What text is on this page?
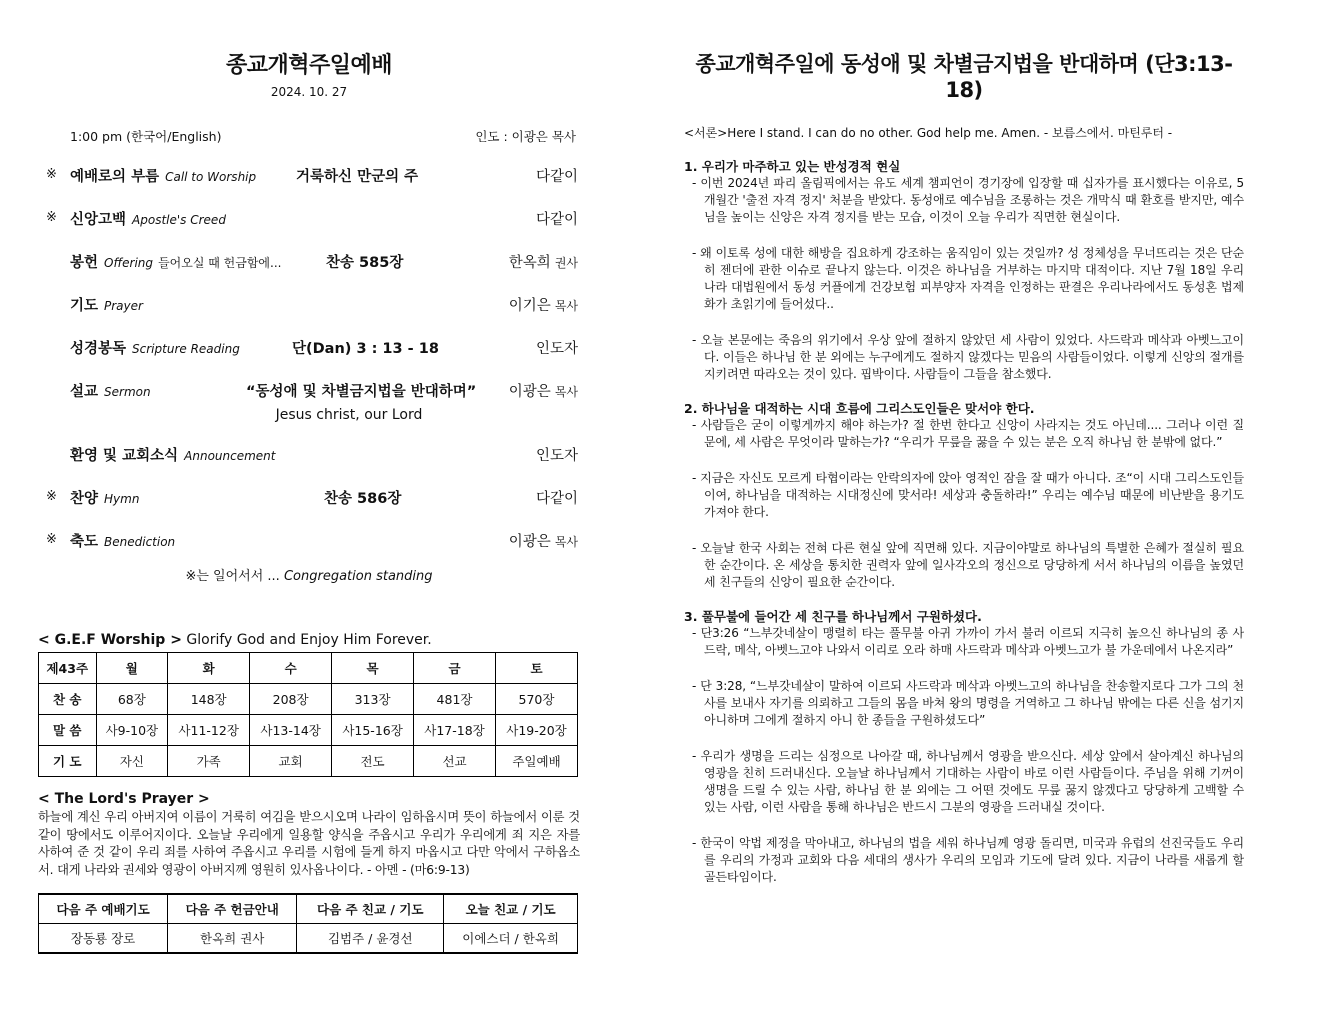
종교개혁주일예배
2024. 10. 27
1:00 pm (한국어/English)	인도 : 이광은 목사
※ 예배로의 부름 Call to Worship	거룩하신 만군의 주	다같이
※ 신앙고백 Apostle's Creed	다같이
봉헌 Offering 들어오실 때 헌금함에...	찬송 585장	한옥희 권사
기도 Prayer	이기은 목사
성경봉독 Scripture Reading	단(Dan) 3 : 13 - 18	인도자
설교 Sermon	“동성애 및 차별금지법을 반대하며” 이광은 목사
Jesus christ, our Lord
환영 및 교회소식 Announcement	인도자
※ 찬양 Hymn	찬송 586장	다같이
※ 축도 Benediction	이광은 목사
※는 일어서서 ... Congregation standing
< G.E.F Worship > Glorify God and Enjoy Him Forever.
제43주	월	화	수	목	금	토
찬 송	68장	148장	208장	313장	481장	570장
말 씀	사9-10장	사11-12장	사13-14장	사15-16장	사17-18장	사19-20장
기 도	자신	가족	교회	전도	선교	주일예배
< The Lord's Prayer >
하늘에 계신 우리 아버지여 이름이 거룩히 여김을 받으시오며 나라이 임하옵시며 뜻이 하늘에서 이룬 것 같이 땅에서도 이루어지이다. 오늘날 우리에게 일용할 양식을 주옵시고 우리가 우리에게 죄 지은 자를 사하여 준 것 같이 우리 죄를 사하여 주옵시고 우리를 시험에 들게 하지 마옵시고 다만 악에서 구하옵소서. 대게 나라와 권세와 영광이 아버지께 영원히 있사옵나이다. - 아멘 - (마6:9-13)
다음 주 예배기도	다음 주 헌금안내	다음 주 친교 / 기도	오늘 친교 / 기도
장동룡 장로	한옥희 권사	김범주 / 윤경선	이에스더 / 한옥희
종교개혁주일에 동성애 및 차별금지법을 반대하며 (단3:13-18)
<서론>Here I stand. I can do no other. God help me. Amen. - 보름스에서. 마틴루터 -
1. 우리가 마주하고 있는 반성경적 현실
- 이번 2024년 파리 올림픽에서는 유도 세계 챔피언이 경기장에 입장할 때 십자가를 표시했다는 이유로, 5개월간 '출전 자격 정지' 처분을 받았다. 동성애로 예수님을 조롱하는 것은 개막식 때 환호를 받지만, 예수님을 높이는 신앙은 자격 정지를 받는 모습, 이것이 오늘 우리가 직면한 현실이다.
- 왜 이토록 성에 대한 해방을 집요하게 강조하는 움직임이 있는 것일까? 성 정체성을 무너뜨리는 것은 단순히 젠더에 관한 이슈로 끝나지 않는다. 이것은 하나님을 거부하는 마지막 대적이다. 지난 7월 18일 우리나라 대법원에서 동성 커플에게 건강보험 피부양자 자격을 인정하는 판결은 우리나라에서도 동성혼 법제화가 초읽기에 들어섰다..
- 오늘 본문에는 죽음의 위기에서 우상 앞에 절하지 않았던 세 사람이 있었다. 사드락과 메삭과 아벳느고이다. 이들은 하나님 한 분 외에는 누구에게도 절하지 않겠다는 믿음의 사람들이었다. 이렇게 신앙의 절개를 지키려면 따라오는 것이 있다. 핍박이다. 사람들이 그들을 참소했다.
2. 하나님을 대적하는 시대 흐름에 그리스도인들은 맞서야 한다.
- 사람들은 굳이 이렇게까지 해야 하는가? 절 한번 한다고 신앙이 사라지는 것도 아닌데.... 그러나 이런 질문에, 세 사람은 무엇이라 말하는가? “우리가 무릎을 꿇을 수 있는 분은 오직 하나님 한 분밖에 없다.”
- 지금은 자신도 모르게 타협이라는 안락의자에 앉아 영적인 잠을 잘 때가 아니다. 조“이 시대 그리스도인들이여, 하나님을 대적하는 시대정신에 맞서라! 세상과 충돌하라!” 우리는 예수님 때문에 비난받을 용기도 가져야 한다.
- 오늘날 한국 사회는 전혀 다른 현실 앞에 직면해 있다. 지금이야말로 하나님의 특별한 은혜가 절실히 필요한 순간이다. 온 세상을 통치한 권력자 앞에 일사각오의 정신으로 당당하게 서서 하나님의 이름을 높였던 세 친구들의 신앙이 필요한 순간이다.
3. 풀무불에 들어간 세 친구를 하나님께서 구원하셨다.
- 단3:26 “느부갓네살이 맹렬히 타는 풀무불 아귀 가까이 가서 불러 이르되 지극히 높으신 하나님의 종 사드락, 메삭, 아벳느고야 나와서 이리로 오라 하매 사드락과 메삭과 아벳느고가 불 가운데에서 나온지라”
- 단 3:28, “느부갓네살이 말하여 이르되 사드락과 메삭과 아벳느고의 하나님을 찬송할지로다 그가 그의 천사를 보내사 자기를 의뢰하고 그들의 몸을 바쳐 왕의 명령을 거역하고 그 하나님 밖에는 다른 신을 섬기지 아니하며 그에게 절하지 아니 한 종들을 구원하셨도다”
- 우리가 생명을 드리는 심정으로 나아갈 때, 하나님께서 영광을 받으신다. 세상 앞에서 살아계신 하나님의 영광을 친히 드러내신다. 오늘날 하나님께서 기대하는 사람이 바로 이런 사람들이다. 주님을 위해 기꺼이 생명을 드릴 수 있는 사람, 하나님 한 분 외에는 그 어떤 것에도 무릎 꿇지 않겠다고 당당하게 고백할 수 있는 사람, 이런 사람을 통해 하나님은 반드시 그분의 영광을 드러내실 것이다.
- 한국이 악법 제정을 막아내고, 하나님의 법을 세워 하나님께 영광 돌리면, 미국과 유럽의 선진국들도 우리를 우리의 가정과 교회와 다음 세대의 생사가 우리의 모임과 기도에 달려 있다. 지금이 나라를 새롭게 할 골든타임이다.
